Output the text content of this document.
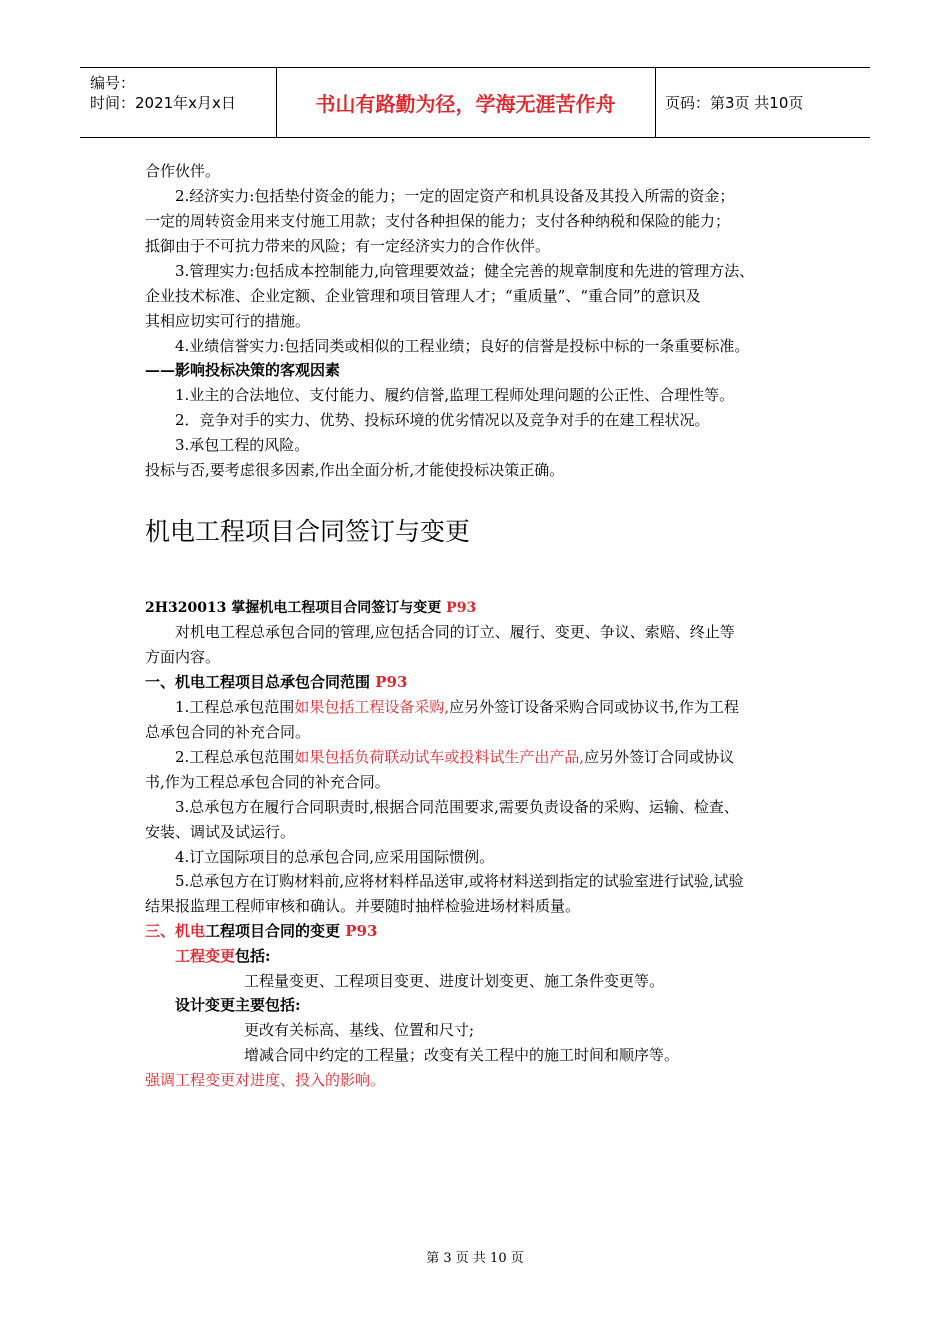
编号：
时间：2021年x月x日	书山有路勤为径，学海无涯苦作舟	页码：第3页 共10页
合作伙伴。
2.经济实力:包括垫付资金的能力；一定的固定资产和机具设备及其投入所需的资金；
一定的周转资金用来支付施工用款；支付各种担保的能力；支付各种纳税和保险的能力；
抵御由于不可抗力带来的风险；有一定经济实力的合作伙伴。
3.管理实力:包括成本控制能力,向管理要效益；健全完善的规章制度和先进的管理方法、
企业技术标准、企业定额、企业管理和项目管理人才；“重质量”、“重合同”的意识及
其相应切实可行的措施。
4.业绩信誉实力:包括同类或相似的工程业绩；良好的信誉是投标中标的一条重要标准。
——影响投标决策的客观因素
1.业主的合法地位、支付能力、履约信誉,监理工程师处理问题的公正性、合理性等。
2．竞争对手的实力、优势、投标环境的优劣情况以及竞争对手的在建工程状况。
3.承包工程的风险。
投标与否,要考虑很多因素,作出全面分析,才能使投标决策正确。
机电工程项目合同签订与变更
2H320013 掌握机电工程项目合同签订与变更 P93
对机电工程总承包合同的管理,应包括合同的订立、履行、变更、争议、索赔、终止等
方面内容。
一、机电工程项目总承包合同范围 P93
1.工程总承包范围如果包括工程设备采购,应另外签订设备采购合同或协议书,作为工程
总承包合同的补充合同。
2.工程总承包范围如果包括负荷联动试车或投料试生产出产品,应另外签订合同或协议
书,作为工程总承包合同的补充合同。
3.总承包方在履行合同职责时,根据合同范围要求,需要负责设备的采购、运输、检查、
安装、调试及试运行。
4.订立国际项目的总承包合同,应采用国际惯例。
5.总承包方在订购材料前,应将材料样品送审,或将材料送到指定的试验室进行试验,试验
结果报监理工程师审核和确认。并要随时抽样检验进场材料质量。
三、机电工程项目合同的变更 P93
工程变更包括:
工程量变更、工程项目变更、进度计划变更、施工条件变更等。
设计变更主要包括:
更改有关标高、基线、位置和尺寸;
增减合同中约定的工程量；改变有关工程中的施工时间和顺序等。
强调工程变更对进度、投入的影响。
第 3 页 共 10 页
